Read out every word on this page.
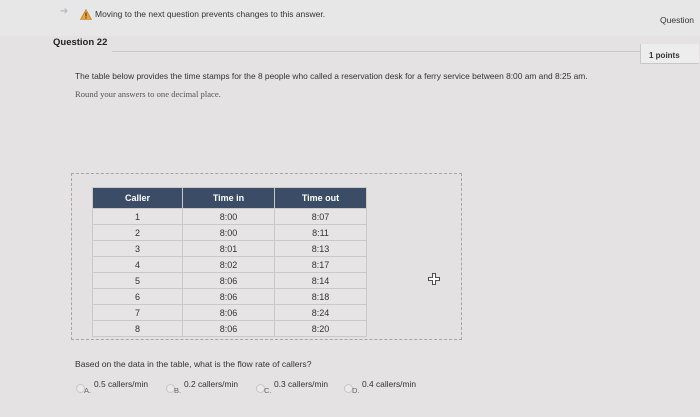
➜	Moving to the next question prevents changes to this answer.
Question
Question 22
1 points
The table below provides the time stamps for the 8 people who called a reservation desk for a ferry service between 8:00 am and 8:25 am.
Round your answers to one decimal place.
Caller	Time in	Time out
1	8:00	8:07
2	8:00	8:11
3	8:01	8:13
4	8:02	8:17
5	8:06	8:14
6	8:06	8:18
7	8:06	8:24
8	8:06	8:20
Based on the data in the table, what is the flow rate of callers?
A.
0.5 callers/min
B.
0.2 callers/min
C.
0.3 callers/min
D.
0.4 callers/min
